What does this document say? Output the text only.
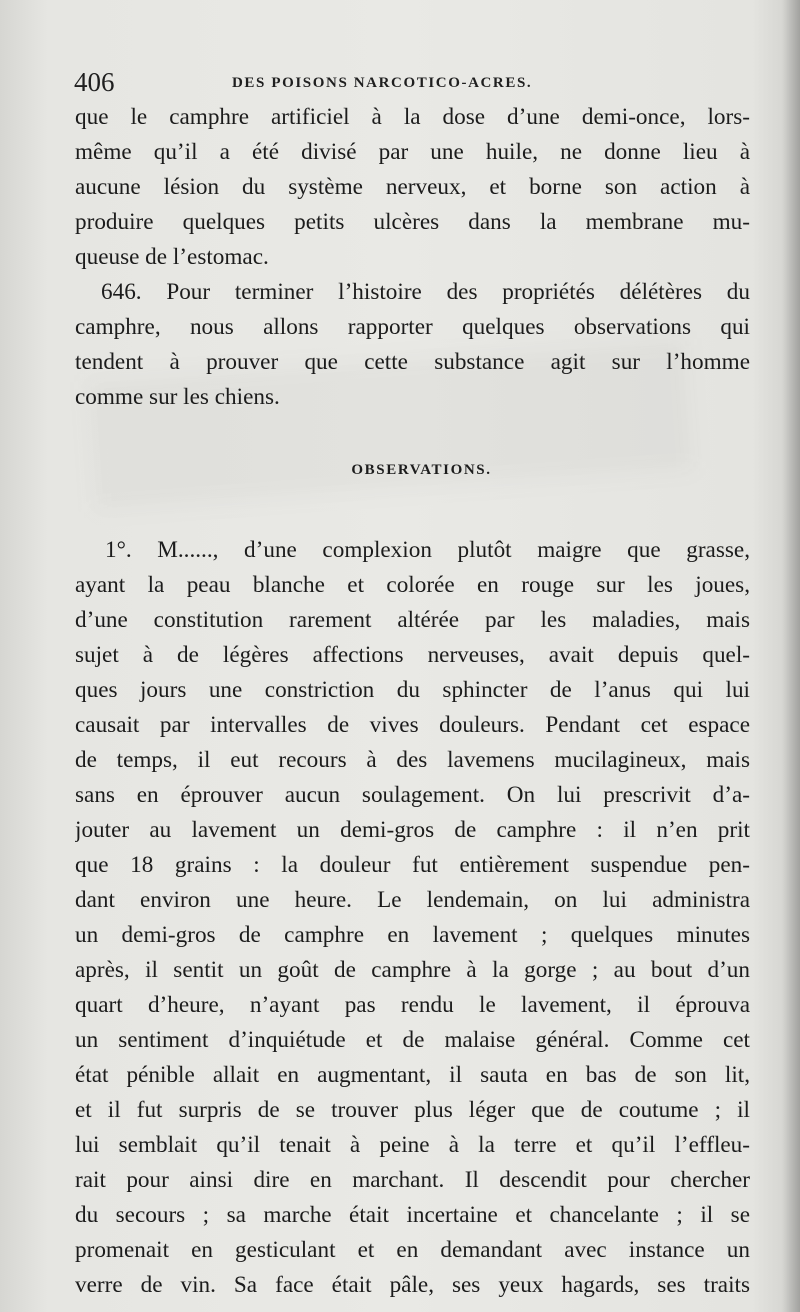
406	DES POISONS NARCOTICO-ACRES.
que le camphre artificiel à la dose d’une demi-once, lors-
même qu’il a été divisé par une huile, ne donne lieu à
aucune lésion du système nerveux, et borne son action à
produire quelques petits ulcères dans la membrane mu-
queuse de l’estomac.
646. Pour terminer l’histoire des propriétés délétères du
camphre, nous allons rapporter quelques observations qui
tendent à prouver que cette substance agit sur l’homme
comme sur les chiens.
OBSERVATIONS.
1°. M......, d’une complexion plutôt maigre que grasse,
ayant la peau blanche et colorée en rouge sur les joues,
d’une constitution rarement altérée par les maladies, mais
sujet à de légères affections nerveuses, avait depuis quel-
ques jours une constriction du sphincter de l’anus qui lui
causait par intervalles de vives douleurs. Pendant cet espace
de temps, il eut recours à des lavemens mucilagineux, mais
sans en éprouver aucun soulagement. On lui prescrivit d’a-
jouter au lavement un demi-gros de camphre : il n’en prit
que 18 grains : la douleur fut entièrement suspendue pen-
dant environ une heure. Le lendemain, on lui administra
un demi-gros de camphre en lavement ; quelques minutes
après, il sentit un goût de camphre à la gorge ; au bout d’un
quart d’heure, n’ayant pas rendu le lavement, il éprouva
un sentiment d’inquiétude et de malaise général. Comme cet
état pénible allait en augmentant, il sauta en bas de son lit,
et il fut surpris de se trouver plus léger que de coutume ; il
lui semblait qu’il tenait à peine à la terre et qu’il l’effleu-
rait pour ainsi dire en marchant. Il descendit pour chercher
du secours ; sa marche était incertaine et chancelante ; il se
promenait en gesticulant et en demandant avec instance un
verre de vin. Sa face était pâle, ses yeux hagards, ses traits
